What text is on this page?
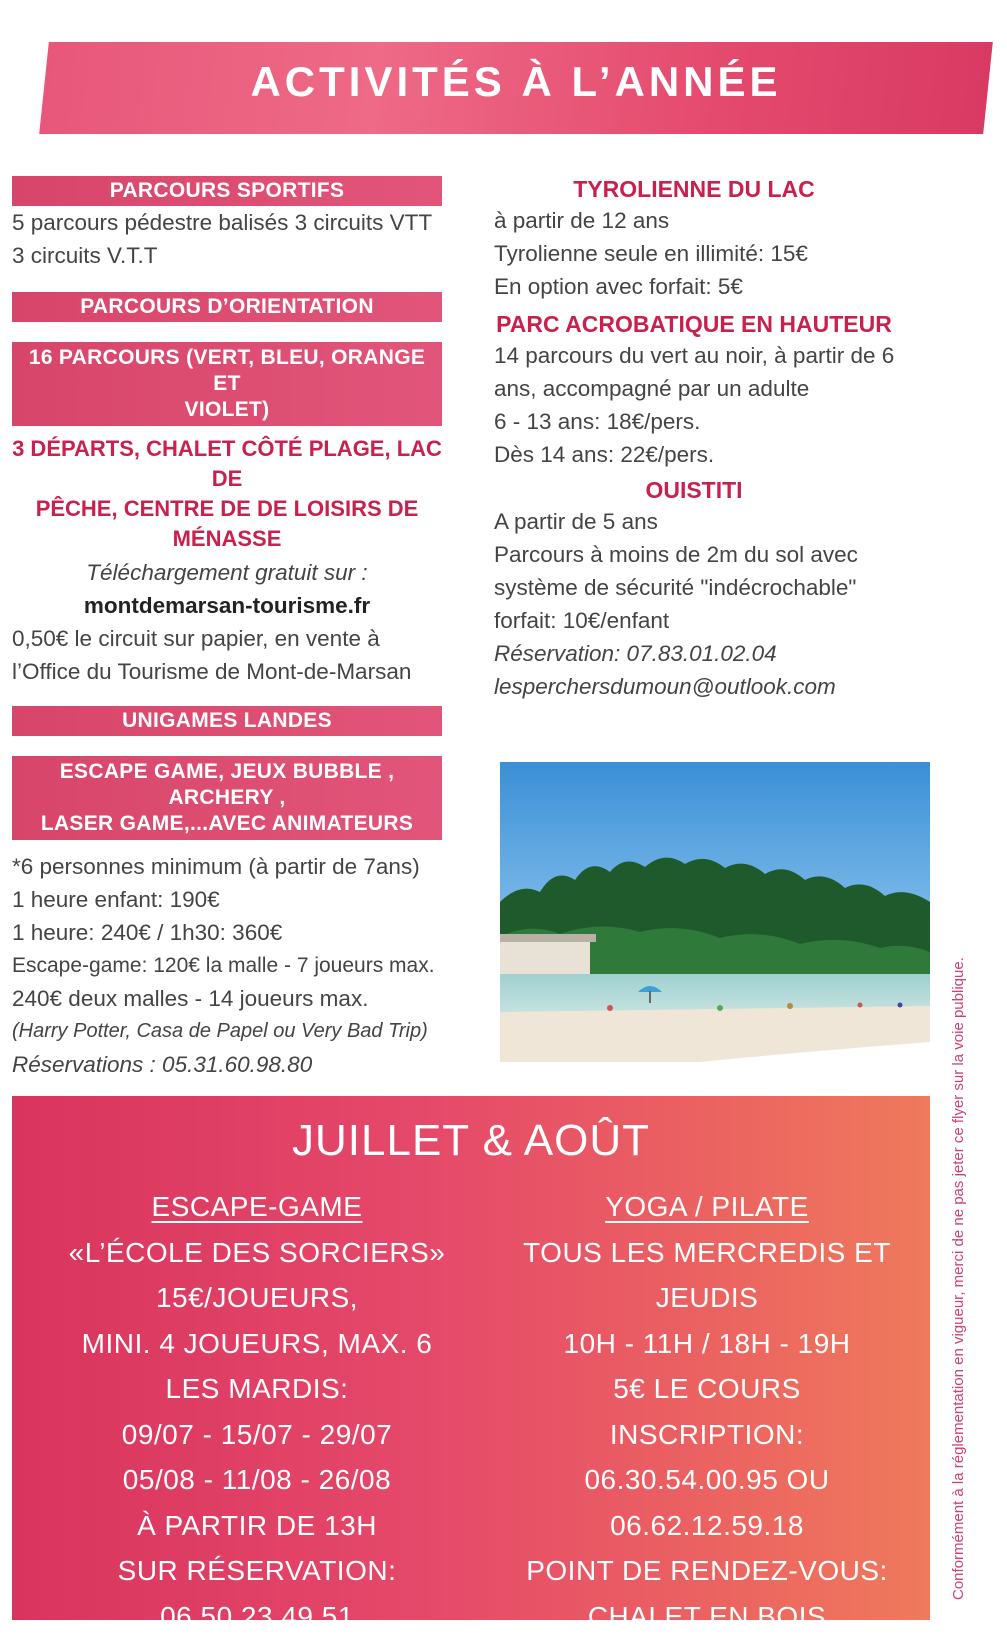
ACTIVITÉS À L’ANNÉE
PARCOURS SPORTIFS
5 parcours pédestre balisés 3 circuits VTT
3 circuits V.T.T
PARCOURS D’ORIENTATION
16 PARCOURS (VERT, BLEU, ORANGE ET
VIOLET)
3 DÉPARTS, CHALET CÔTÉ PLAGE, LAC DE
PÊCHE, CENTRE DE DE LOISIRS DE MÉNASSE
Téléchargement gratuit sur :
montdemarsan-tourisme.fr
0,50€ le circuit sur papier, en vente à
l’Office du Tourisme de Mont-de-Marsan
UNIGAMES LANDES
ESCAPE GAME, JEUX BUBBLE , ARCHERY ,
LASER GAME,...AVEC ANIMATEURS
*6 personnes minimum (à partir de 7ans)
1 heure enfant: 190€
1 heure: 240€ / 1h30: 360€
Escape-game: 120€ la malle - 7 joueurs max.
240€ deux malles - 14 joueurs max.
(Harry Potter, Casa de Papel ou Very Bad Trip)
Réservations : 05.31.60.98.80
TYROLIENNE DU LAC
à partir de 12 ans
Tyrolienne seule en illimité: 15€
En option avec forfait: 5€
PARC ACROBATIQUE EN HAUTEUR
14 parcours du vert au noir, à partir de 6
ans, accompagné par un adulte
6 - 13 ans: 18€/pers.
Dès 14 ans: 22€/pers.
OUISTITI
A partir de 5 ans
Parcours à moins de 2m du sol avec
système de sécurité "indécrochable"
forfait: 10€/enfant
Réservation: 07.83.01.02.04
lesperchersdumoun@outlook.com
JUILLET & AOÛT
ESCAPE-GAME
«L’ÉCOLE DES SORCIERS»
15€/JOUEURS,
MINI. 4 JOUEURS, MAX. 6
LES MARDIS:
09/07 - 15/07 - 29/07
05/08 - 11/08 - 26/08
À PARTIR DE 13H
SUR RÉSERVATION: 06.50.23.49.51
YOGA / PILATE
TOUS LES MERCREDIS ET JEUDIS
10H - 11H / 18H - 19H
5€ LE COURS
INSCRIPTION:
06.30.54.00.95 OU 06.62.12.59.18
POINT DE RENDEZ-VOUS:
CHALET EN BOIS
Conformément à la réglementation en vigueur, merci de ne pas jeter ce flyer sur la voie publique.
